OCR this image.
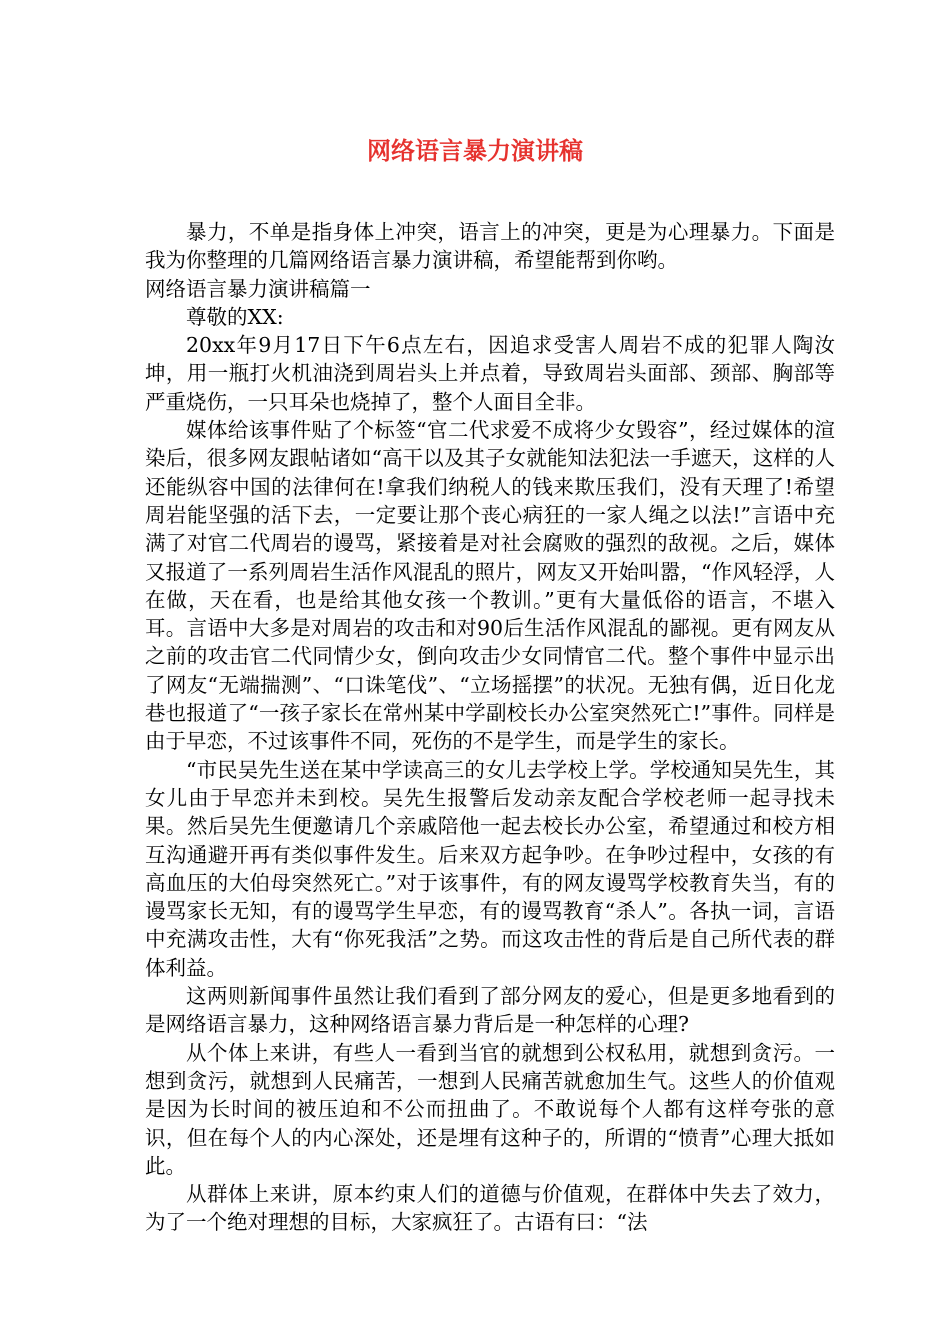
网络语言暴力演讲稿

暴力，不单是指身体上冲突，语言上的冲突，更是为心理暴力。下面是我为你整理的几篇网络语言暴力演讲稿，希望能帮到你哟。

网络语言暴力演讲稿篇一

尊敬的XX:

20xx年9月17日下午6点左右，因追求受害人周岩不成的犯罪人陶汝坤，用一瓶打火机油浇到周岩头上并点着，导致周岩头面部、颈部、胸部等严重烧伤，一只耳朵也烧掉了，整个人面目全非。

媒体给该事件贴了个标签“官二代求爱不成将少女毁容”，经过媒体的渲染后，很多网友跟帖诸如“高干以及其子女就能知法犯法一手遮天，这样的人还能纵容中国的法律何在!拿我们纳税人的钱来欺压我们，没有天理了!希望周岩能坚强的活下去，一定要让那个丧心病狂的一家人绳之以法!”言语中充满了对官二代周岩的谩骂，紧接着是对社会腐败的强烈的敌视。之后，媒体又报道了一系列周岩生活作风混乱的照片，网友又开始叫嚣，“作风轻浮，人在做，天在看，也是给其他女孩一个教训。”更有大量低俗的语言，不堪入耳。言语中大多是对周岩的攻击和对90后生活作风混乱的鄙视。更有网友从之前的攻击官二代同情少女，倒向攻击少女同情官二代。整个事件中显示出了网友“无端揣测”、“口诛笔伐”、“立场摇摆”的状况。无独有偶，近日化龙巷也报道了“一孩子家长在常州某中学副校长办公室突然死亡!”事件。同样是由于早恋，不过该事件不同，死伤的不是学生，而是学生的家长。

“市民吴先生送在某中学读高三的女儿去学校上学。学校通知吴先生，其女儿由于早恋并未到校。吴先生报警后发动亲友配合学校老师一起寻找未果。然后吴先生便邀请几个亲戚陪他一起去校长办公室，希望通过和校方相互沟通避开再有类似事件发生。后来双方起争吵。在争吵过程中，女孩的有高血压的大伯母突然死亡。”对于该事件，有的网友谩骂学校教育失当，有的谩骂家长无知，有的谩骂学生早恋，有的谩骂教育“杀人”。各执一词，言语中充满攻击性，大有“你死我活”之势。而这攻击性的背后是自己所代表的群体利益。

这两则新闻事件虽然让我们看到了部分网友的爱心，但是更多地看到的是网络语言暴力，这种网络语言暴力背后是一种怎样的心理?

从个体上来讲，有些人一看到当官的就想到公权私用，就想到贪污。一想到贪污，就想到人民痛苦，一想到人民痛苦就愈加生气。这些人的价值观是因为长时间的被压迫和不公而扭曲了。不敢说每个人都有这样夸张的意识，但在每个人的内心深处，还是埋有这种子的，所谓的“愤青”心理大抵如此。

从群体上来讲，原本约束人们的道德与价值观，在群体中失去了效力，为了一个绝对理想的目标，大家疯狂了。古语有曰：“法
